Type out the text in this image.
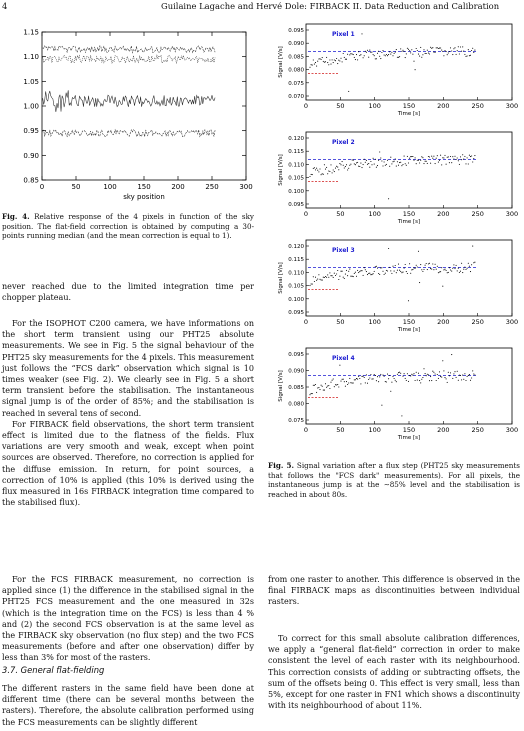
4	Guilaine Lagache and Hervé Dole: FIRBACK II. Data Reduction and Calibration
0	50	100	150	200	250	300
0.85
0.90
0.95
1.00
1.05
1.10
1.15
sky position
Fig. 4. Relative response of the 4 pixels in function of the sky position. The flat-field correction is obtained by computing a 30-points running median (and the mean correction is equal to 1).

never reached due to the limited integration time per chopper plateau.

For the ISOPHOT C200 camera, we have informations on the short term transient using our PHT25 absolute measurements. We see in Fig. 5 the signal behaviour of the PHT25 sky measurements for the 4 pixels. This measurement just follows the “FCS dark” observation which signal is 10 times weaker (see Fig. 2). We clearly see in Fig. 5 a short term transient before the stabilisation. The instantaneous signal jump is of the order of 85%; and the stabilisation is reached in several tens of second.

For FIRBACK field observations, the short term transient effect is limited due to the flatness of the fields. Flux variations are very smooth and weak, except when point sources are observed. Therefore, no correction is applied for the diffuse emission. In return, for point sources, a correction of 10% is applied (this 10% is derived using the flux measured in 16s FIRBACK integration time compared to the stabilised flux).

For the FCS FIRBACK measurement, no correction is applied since (1) the difference in the stabilised signal in the PHT25 FCS measurement and the one measured in 32s (which is the integration time on the FCS) is less than 4 % and (2) the second FCS observation is at the same level as the FIRBACK sky observation (no flux step) and the two FCS measurements (before and after one observation) differ by less than 3% for most of the rasters.

3.7. General flat-fielding

The different rasters in the same field have been done at different time (there can be several months between the rasters). Therefore, the absolute calibration performed using the FCS measurements can be slightly different

0	50	100	150	200	250	300
0.095
0.090
0.085
0.080
0.075
0.070
Signal [V/s]
Time [s]
Pixel 1
0	50	100	150	200	250	300
0.120
0.115
0.110
0.105
0.100
0.095
Signal [V/s]
Time [s]
Pixel 2
0	50	100	150	200	250	300
0.120
0.115
0.110
0.105
0.100
0.095
Signal [V/s]
Time [s]
Pixel 3
0	50	100	150	200	250	300
0.095
0.090
0.085
0.080
0.075
Signal [V/s]
Time [s]
Pixel 4
Fig. 5. Signal variation after a flux step (PHT25 sky measurements that follows the "FCS dark" measurements). For all pixels, the instantaneous jump is at the ∼85% level and the stabilisation is reached in about 80s.

from one raster to another. This difference is observed in the final FIRBACK maps as discontinuities between individual rasters.

To correct for this small absolute calibration differences, we apply a “general flat-field” correction in order to make consistent the level of each raster with its neighbourhood. This correction consists of adding or subtracting offsets, the sum of the offsets being 0. This effect is very small, less than 5%, except for one raster in FN1 which shows a discontinuity with its neighbourhood of about 11%.
